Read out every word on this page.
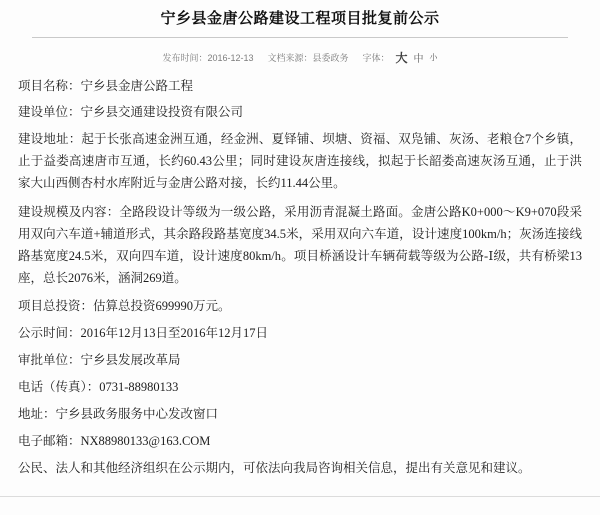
宁乡县金唐公路建设工程项目批复前公示
发布时间：2016-12-13 文档来源：县委政务 字体： 大 中 小

项目名称：宁乡县金唐公路工程

建设单位：宁乡县交通建设投资有限公司

建设地址：起于长张高速金洲互通，经金洲、夏铎铺、坝塘、资福、双凫铺、灰汤、老粮仓7个乡镇，止于益娄高速唐市互通，长约60.43公里；同时建设灰唐连接线，拟起于长韶娄高速灰汤互通，止于洪家大山西侧杏村水库附近与金唐公路对接，长约11.44公里。

建设规模及内容：全路段设计等级为一级公路，采用沥青混凝土路面。金唐公路K0+000～K9+070段采用双向六车道+辅道形式，其余路段路基宽度34.5米，采用双向六车道，设计速度100km/h；灰汤连接线路基宽度24.5米，双向四车道，设计速度80km/h。项目桥涵设计车辆荷载等级为公路-Ⅰ级，共有桥梁13座，总长2076米，涵洞269道。

项目总投资：估算总投资699990万元。

公示时间：2016年12月13日至2016年12月17日

审批单位：宁乡县发展改革局

电话（传真）：0731-88980133

地址：宁乡县政务服务中心发改窗口

电子邮箱：NX88980133@163.COM

公民、法人和其他经济组织在公示期内，可依法向我局咨询相关信息，提出有关意见和建议。
